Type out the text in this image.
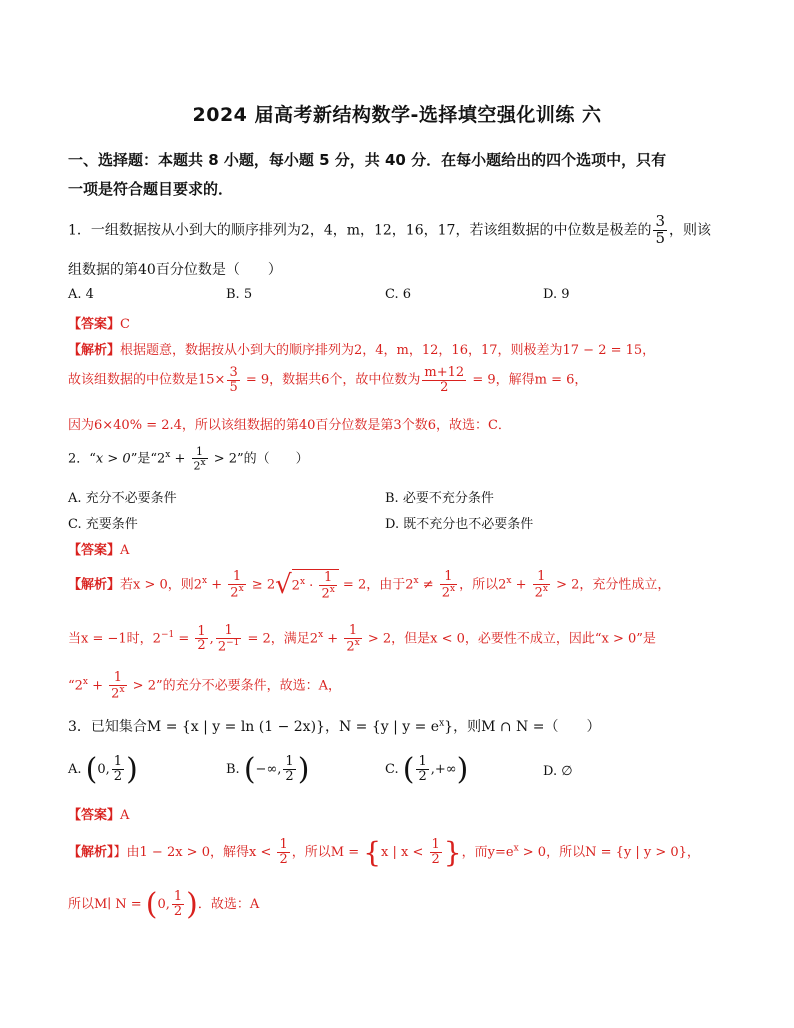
2024 届高考新结构数学-选择填空强化训练 六
一、选择题：本题共 8 小题，每小题 5 分，共 40 分．在每小题给出的四个选项中，只有
一项是符合题目要求的．
1．一组数据按从小到大的顺序排列为2，4，m，12，16，17，若该组数据的中位数是极差的 $\frac{3}{5}$ ，则该
组数据的第40百分位数是（　　）
A. 4	B. 5	C. 6	D. 9
【答案】C
【解析】根据题意，数据按从小到大的顺序排列为2，4，m，12，16，17，则极差为17 − 2 = 15，
故该组数据的中位数是$15\times \frac{3}{5} = 9$，数据共6个，故中位数为 $\frac{m+12}{2} = 9$，解得m = 6，
因为6×40% = 2.4，所以该组数据的第40百分位数是第3个数6，故选：C．
2．“x > 0”是“$2^x + \frac{1}{2^x} > 2$”的（　　）
A. 充分不必要条件	B. 必要不充分条件
C. 充要条件	D. 既不充分也不必要条件
【答案】A
【解析】若x > 0，则$2^x + \frac{1}{2^x} \ge 2√2^x \cdot \frac{1}{2^x} = 2$，由于$2^x \ne \frac{1}{2^x}$ ，所以$2^x + \frac{1}{2^x} > 2$，充分性成立，
当x = −1时，$2^{-1} = \frac{1}{2}$ , $\frac{1}{2^{-1}} = 2$，满足$2^x + \frac{1}{2^x} > 2$，但是x < 0，必要性不成立，因此“x > 0”是
“$2^x + \frac{1}{2^x} > 2$”的充分不必要条件，故选：A，
3．已知集合M = {x | y = ln (1 − 2x)}，N = {y | $y = e^x$}，则M ∩ N =（　　）
A. (0, $\frac{1}{2}$ )	B. (−∞, $\frac{1}{2}$ )	C. ( $\frac{1}{2}$ ,+∞)	D. ∅
【答案】A
【解析】】由1 − 2x > 0，解得$x < \frac{1}{2}$ ，所以M = {x | $x < \frac{1}{2}$ }，而$y=e^x > 0$，所以N = {y | y > 0}，
所以M∣ N = (0, $\frac{1}{2}$ )．故选：A
